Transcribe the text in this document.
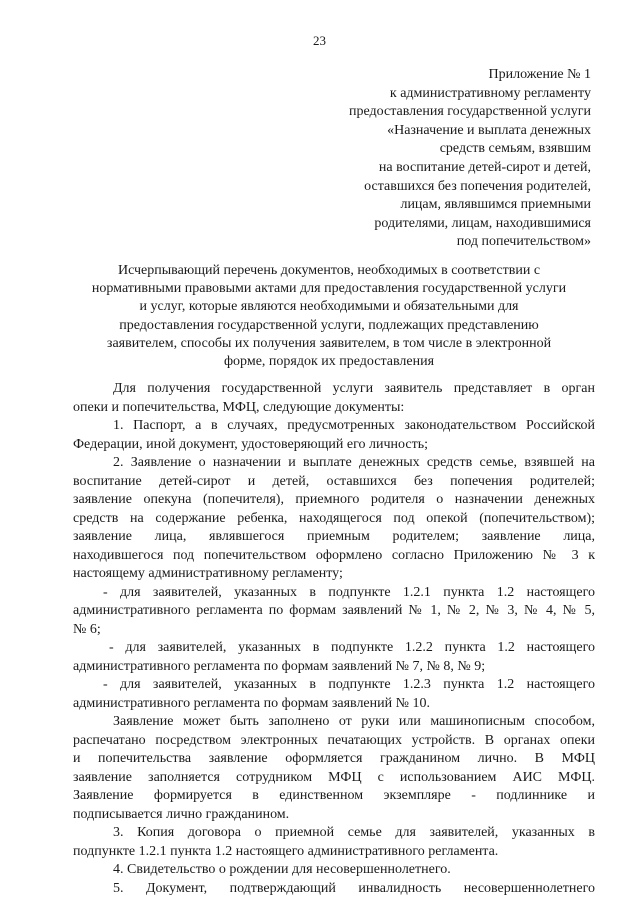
23
Приложение № 1
к административному регламенту
предоставления государственной услуги
«Назначение и выплата денежных
средств семьям, взявшим
на воспитание детей-сирот и детей,
оставшихся без попечения родителей,
лицам, являвшимся приемными
родителями, лицам, находившимися
под попечительством»
Исчерпывающий перечень документов, необходимых в соответствии с
нормативными правовыми актами для предоставления государственной услуги
и услуг, которые являются необходимыми и обязательными для
предоставления государственной услуги, подлежащих представлению
заявителем, способы их получения заявителем, в том числе в электронной
форме, порядок их предоставления
Для получения государственной услуги заявитель представляет в орган
опеки и попечительства, МФЦ, следующие документы:
1. Паспорт, а в случаях, предусмотренных законодательством Российской
Федерации, иной документ, удостоверяющий его личность;
2. Заявление о назначении и выплате денежных средств семье, взявшей на
воспитание детей-сирот и детей, оставшихся без попечения родителей;
заявление опекуна (попечителя), приемного родителя о назначении денежных
средств на содержание ребенка, находящегося под опекой (попечительством);
заявление лица, являвшегося приемным родителем; заявление лица,
находившегося под попечительством оформлено согласно Приложению № 3 к
настоящему административному регламенту;
- для заявителей, указанных в подпункте 1.2.1 пункта 1.2 настоящего
административного регламента по формам заявлений № 1, № 2, № 3, № 4, № 5,
№ 6;
- для заявителей, указанных в подпункте 1.2.2 пункта 1.2 настоящего
административного регламента по формам заявлений № 7, № 8, № 9;
- для заявителей, указанных в подпункте 1.2.3 пункта 1.2 настоящего
административного регламента по формам заявлений № 10.
Заявление может быть заполнено от руки или машинописным способом,
распечатано посредством электронных печатающих устройств. В органах опеки
и попечительства заявление оформляется гражданином лично. В МФЦ
заявление заполняется сотрудником МФЦ с использованием АИС МФЦ.
Заявление формируется в единственном экземпляре - подлиннике и
подписывается лично гражданином.
3. Копия договора о приемной семье для заявителей, указанных в
подпункте 1.2.1 пункта 1.2 настоящего административного регламента.
4. Свидетельство о рождении для несовершеннолетнего.
5. Документ, подтверждающий инвалидность несовершеннолетнего
